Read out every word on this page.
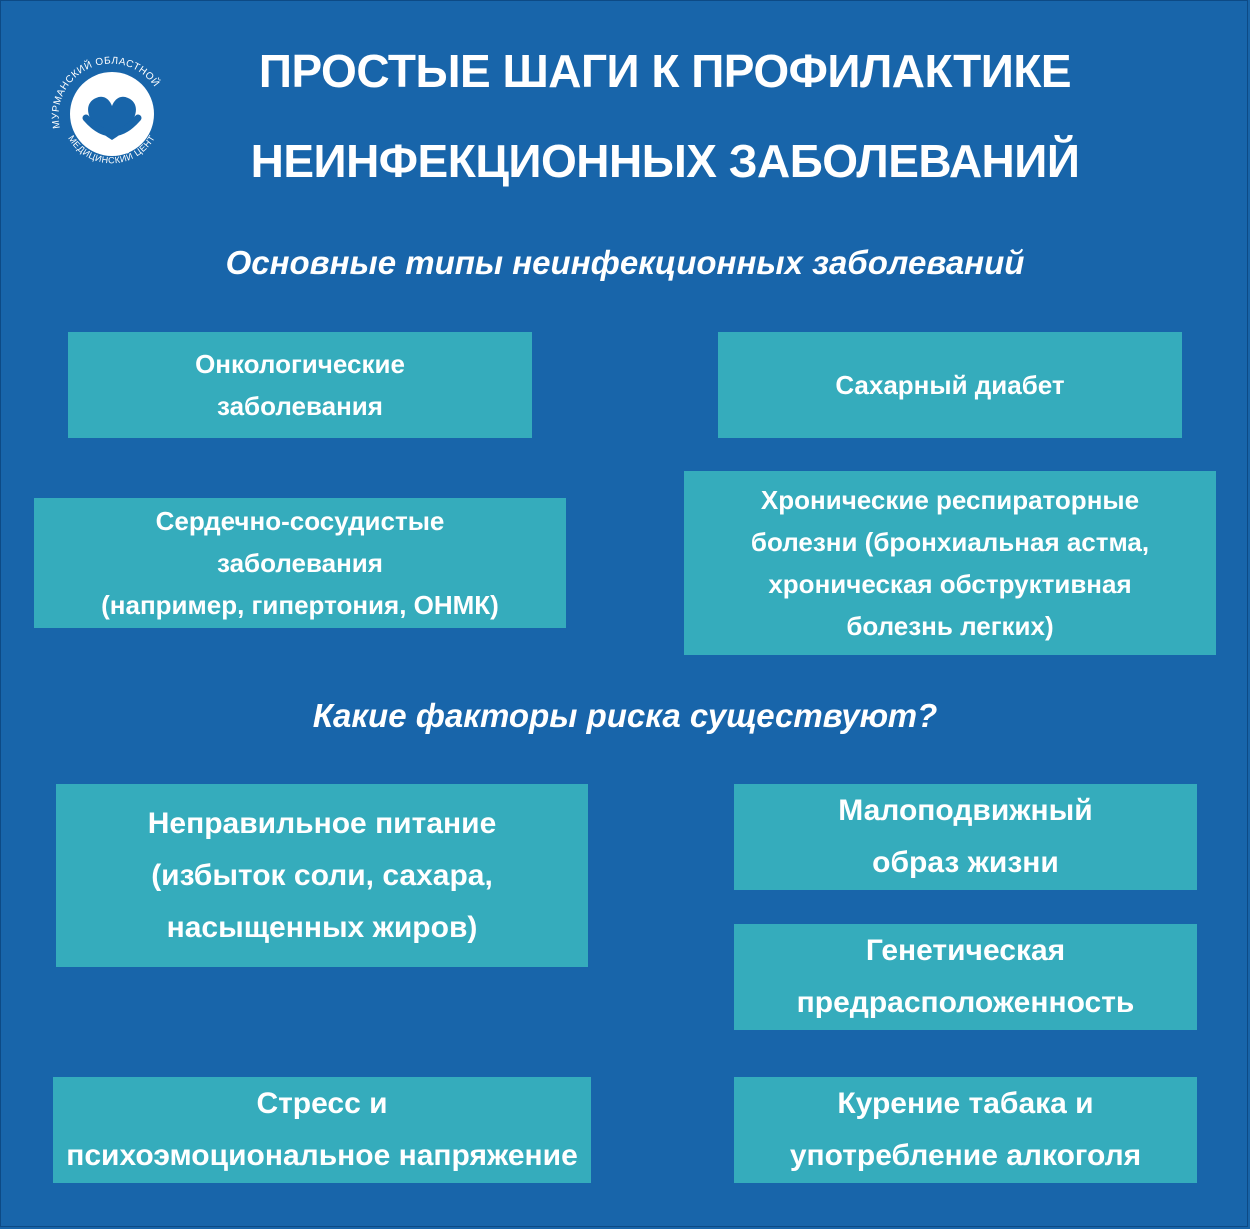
МУРМАНСКИЙ ОБЛАСТНОЙ
МЕДИЦИНСКИЙ ЦЕНТ
ПРОСТЫЕ ШАГИ К ПРОФИЛАКТИКЕ
НЕИНФЕКЦИОННЫХ ЗАБОЛЕВАНИЙ
Основные типы неинфекционных заболеваний
Онкологические
заболевания
Сахарный диабет
Сердечно-сосудистые
заболевания
(например, гипертония, ОНМК)
Хронические респираторные
болезни (бронхиальная астма,
хроническая обструктивная
болезнь легких)
Какие факторы риска существуют?
Неправильное питание
(избыток соли, сахара,
насыщенных жиров)
Малоподвижный
образ жизни
Генетическая
предрасположенность
Стресс и
психоэмоциональное напряжение
Курение табака и
употребление алкоголя
